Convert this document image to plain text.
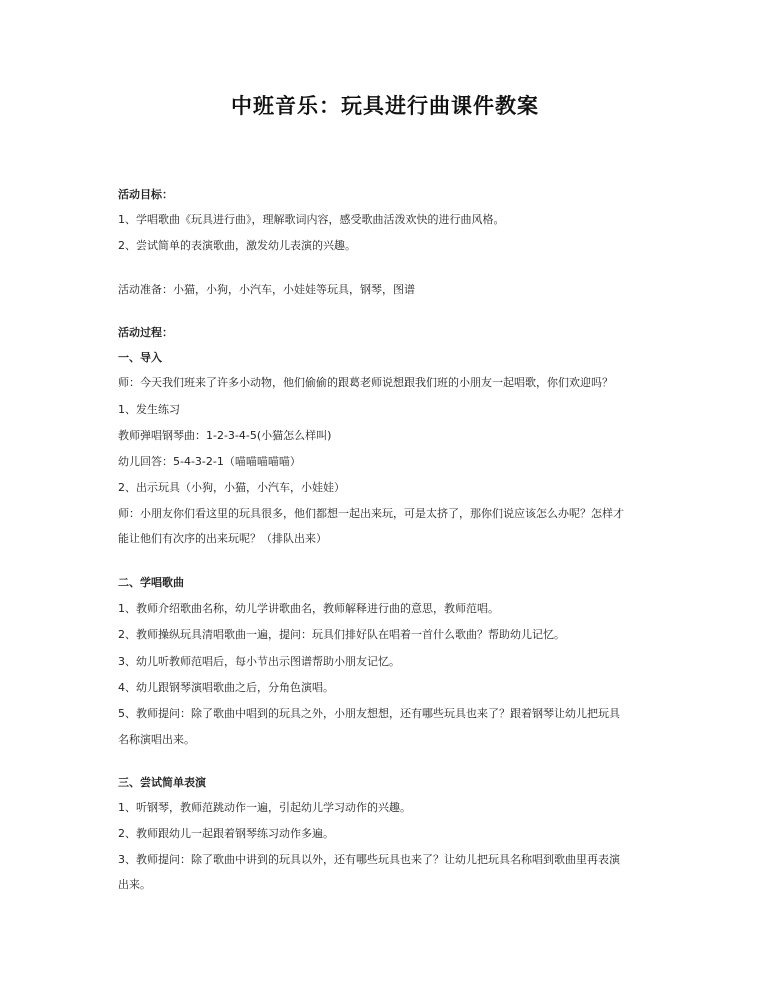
中班音乐：玩具进行曲课件教案
活动目标：
1、学唱歌曲《玩具进行曲》，理解歌词内容，感受歌曲活泼欢快的进行曲风格。
2、尝试简单的表演歌曲，激发幼儿表演的兴趣。
活动准备：小猫，小狗，小汽车，小娃娃等玩具，钢琴，图谱
活动过程：
一、导入
师：今天我们班来了许多小动物，他们偷偷的跟葛老师说想跟我们班的小朋友一起唱歌，你们欢迎吗？
1、发生练习
教师弹唱钢琴曲：1-2-3-4-5(小猫怎么样叫)
幼儿回答：5-4-3-2-1（喵喵喵喵喵）
2、出示玩具（小狗，小猫，小汽车，小娃娃）
师：小朋友你们看这里的玩具很多，他们都想一起出来玩，可是太挤了，那你们说应该怎么办呢？怎样才
能让他们有次序的出来玩呢？（排队出来）
二、学唱歌曲
1、教师介绍歌曲名称，幼儿学讲歌曲名，教师解释进行曲的意思，教师范唱。
2、教师操纵玩具清唱歌曲一遍，提问：玩具们排好队在唱着一首什么歌曲？帮助幼儿记忆。
3、幼儿听教师范唱后，每小节出示图谱帮助小朋友记忆。
4、幼儿跟钢琴演唱歌曲之后，分角色演唱。
5、教师提问：除了歌曲中唱到的玩具之外，小朋友想想，还有哪些玩具也来了？跟着钢琴让幼儿把玩具
名称演唱出来。
三、尝试简单表演
1、听钢琴，教师范跳动作一遍，引起幼儿学习动作的兴趣。
2、教师跟幼儿一起跟着钢琴练习动作多遍。
3、教师提问：除了歌曲中讲到的玩具以外，还有哪些玩具也来了？让幼儿把玩具名称唱到歌曲里再表演
出来。
